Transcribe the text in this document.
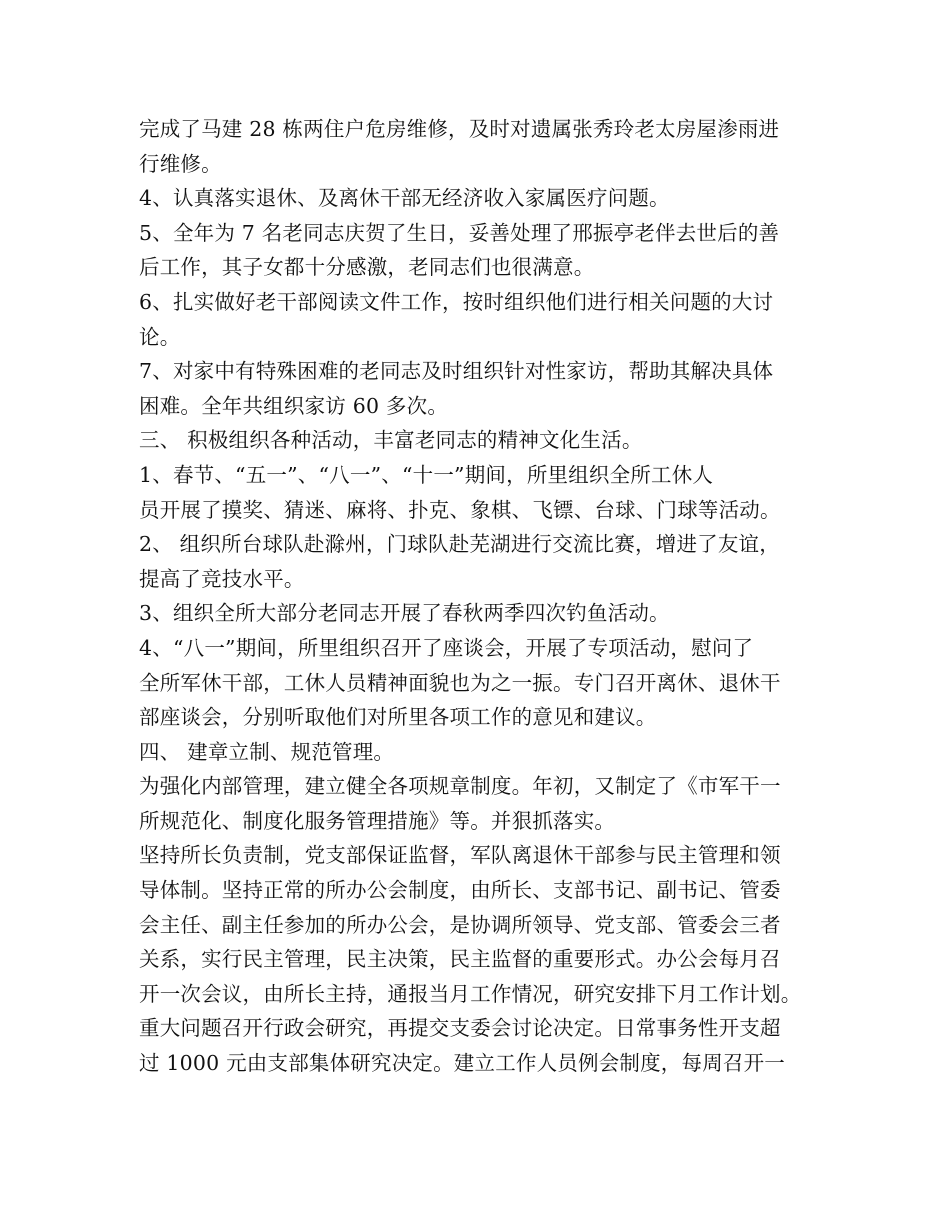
完成了马建 28 栋两住户危房维修，及时对遗属张秀玲老太房屋渗雨进
行维修。
4、认真落实退休、及离休干部无经济收入家属医疗问题。
5、全年为 7 名老同志庆贺了生日，妥善处理了邢振亭老伴去世后的善
后工作，其子女都十分感激，老同志们也很满意。
6、扎实做好老干部阅读文件工作，按时组织他们进行相关问题的大讨
论。
7、对家中有特殊困难的老同志及时组织针对性家访，帮助其解决具体
困难。全年共组织家访 60 多次。
三、 积极组织各种活动，丰富老同志的精神文化生活。
1、春节、“五一”、“八一”、“十一”期间，所里组织全所工休人
员开展了摸奖、猜迷、麻将、扑克、象棋、飞镖、台球、门球等活动。
2、 组织所台球队赴滁州，门球队赴芜湖进行交流比赛，增进了友谊，
提高了竞技水平。
3、组织全所大部分老同志开展了春秋两季四次钓鱼活动。
4、“八一”期间，所里组织召开了座谈会，开展了专项活动，慰问了
全所军休干部，工休人员精神面貌也为之一振。专门召开离休、退休干
部座谈会，分别听取他们对所里各项工作的意见和建议。
四、 建章立制、规范管理。
为强化内部管理，建立健全各项规章制度。年初，又制定了《市军干一
所规范化、制度化服务管理措施》等。并狠抓落实。
坚持所长负责制，党支部保证监督，军队离退休干部参与民主管理和领
导体制。坚持正常的所办公会制度，由所长、支部书记、副书记、管委
会主任、副主任参加的所办公会，是协调所领导、党支部、管委会三者
关系，实行民主管理，民主决策，民主监督的重要形式。办公会每月召
开一次会议，由所长主持，通报当月工作情况，研究安排下月工作计划。
重大问题召开行政会研究，再提交支委会讨论决定。日常事务性开支超
过 1000 元由支部集体研究决定。建立工作人员例会制度，每周召开一
